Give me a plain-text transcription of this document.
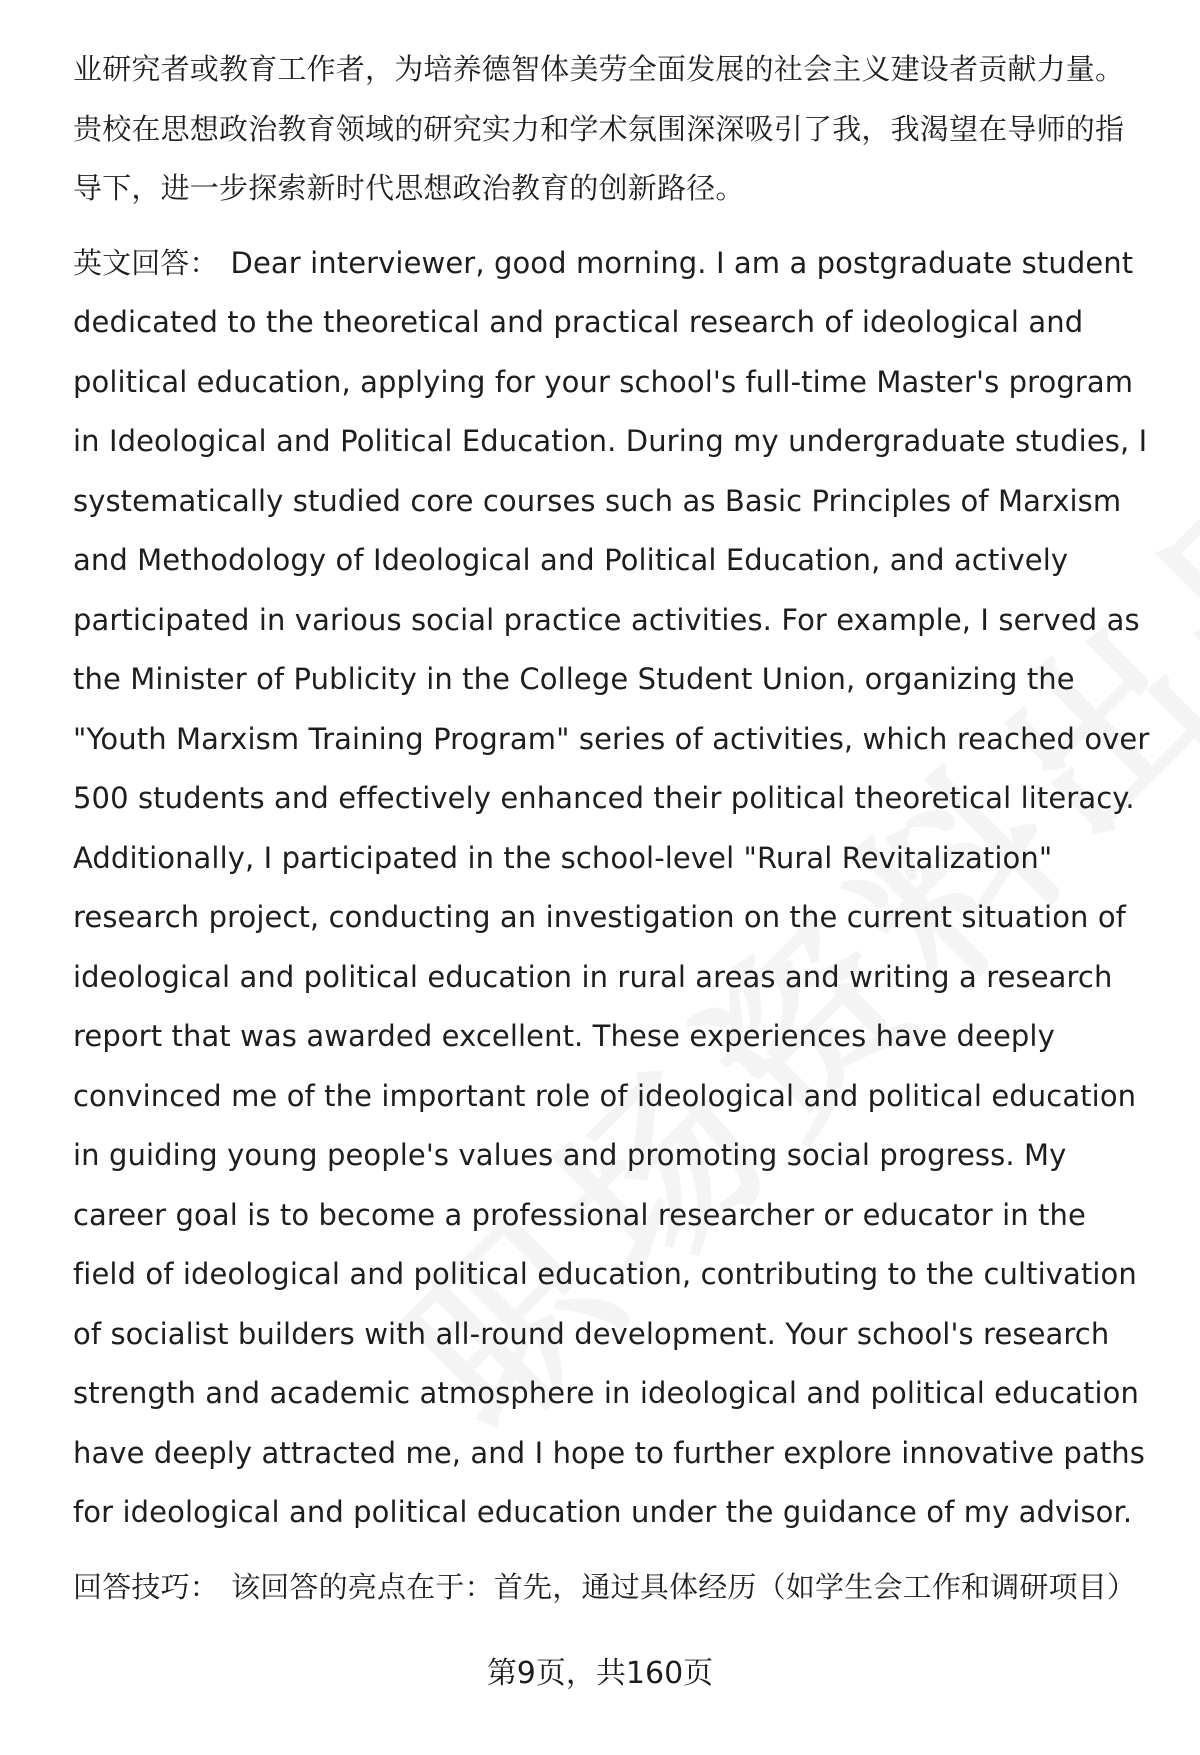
业研究者或教育工作者，为培养德智体美劳全面发展的社会主义建设者贡献力量。贵校在思想政治教育领域的研究实力和学术氛围深深吸引了我，我渴望在导师的指导下，进一步探索新时代思想政治教育的创新路径。

英文回答： Dear interviewer, good morning. I am a postgraduate student dedicated to the theoretical and practical research of ideological and political education, applying for your school's full-time Master's program in Ideological and Political Education. During my undergraduate studies, I systematically studied core courses such as Basic Principles of Marxism and Methodology of Ideological and Political Education, and actively participated in various social practice activities. For example, I served as the Minister of Publicity in the College Student Union, organizing the "Youth Marxism Training Program" series of activities, which reached over 500 students and effectively enhanced their political theoretical literacy. Additionally, I participated in the school-level "Rural Revitalization" research project, conducting an investigation on the current situation of ideological and political education in rural areas and writing a research report that was awarded excellent. These experiences have deeply convinced me of the important role of ideological and political education in guiding young people's values and promoting social progress. My career goal is to become a professional researcher or educator in the field of ideological and political education, contributing to the cultivation of socialist builders with all-round development. Your school's research strength and academic atmosphere in ideological and political education have deeply attracted me, and I hope to further explore innovative paths for ideological and political education under the guidance of my advisor.

回答技巧： 该回答的亮点在于：首先，通过具体经历（如学生会工作和调研项目）

第9页，共160页
